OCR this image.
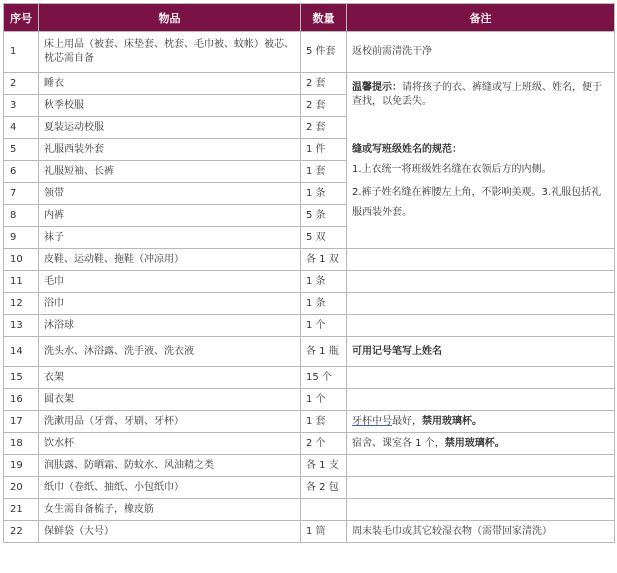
序号	物品	数量	备注
1	床上用品（被套、床垫套、枕套、毛巾被、蚊帐）被芯、枕芯需自备	5 件套	返校前需清洗干净
2	睡衣	2 套	温馨提示：请将孩子的衣、裤缝或写上班级、姓名，便于查找，以免丢失。

缝或写班级姓名的规范：

1.上衣统一将班级姓名缝在衣领后方的内侧。

2.裤子姓名缝在裤腰左上角，不影响美观。3.礼服包括礼服西装外套。

3	秋季校服	2 套	
4	夏装运动校服	2 套	
5	礼服西装外套	1 件	
6	礼服短袖、长裤	1 套	
7	领带	1 条	
8	内裤	5 条	
9	袜子	5 双	
10	皮鞋、运动鞋、拖鞋（冲凉用）	各 1 双	
11	毛巾	1 条	
12	浴巾	1 条	
13	沐浴球	1 个	
14	洗头水、沐浴露、洗手液、洗衣液	各 1 瓶	可用记号笔写上姓名
15	衣架	15 个	
16	圆衣架	1 个	
17	洗漱用品（牙膏、牙刷、牙杯）	1 套	牙杯中号最好，禁用玻璃杯。
18	饮水杯	2 个	宿舍、课室各 1 个，禁用玻璃杯。
19	润肤露、防晒霜、防蚊水、风油精之类	各 1 支	
20	纸巾（卷纸、抽纸、小包纸巾）	各 2 包	
21	女生需自备梳子，橡皮筋		
22	保鲜袋（大号）	1 筒	周末装毛巾或其它较湿衣物（需带回家清洗）
